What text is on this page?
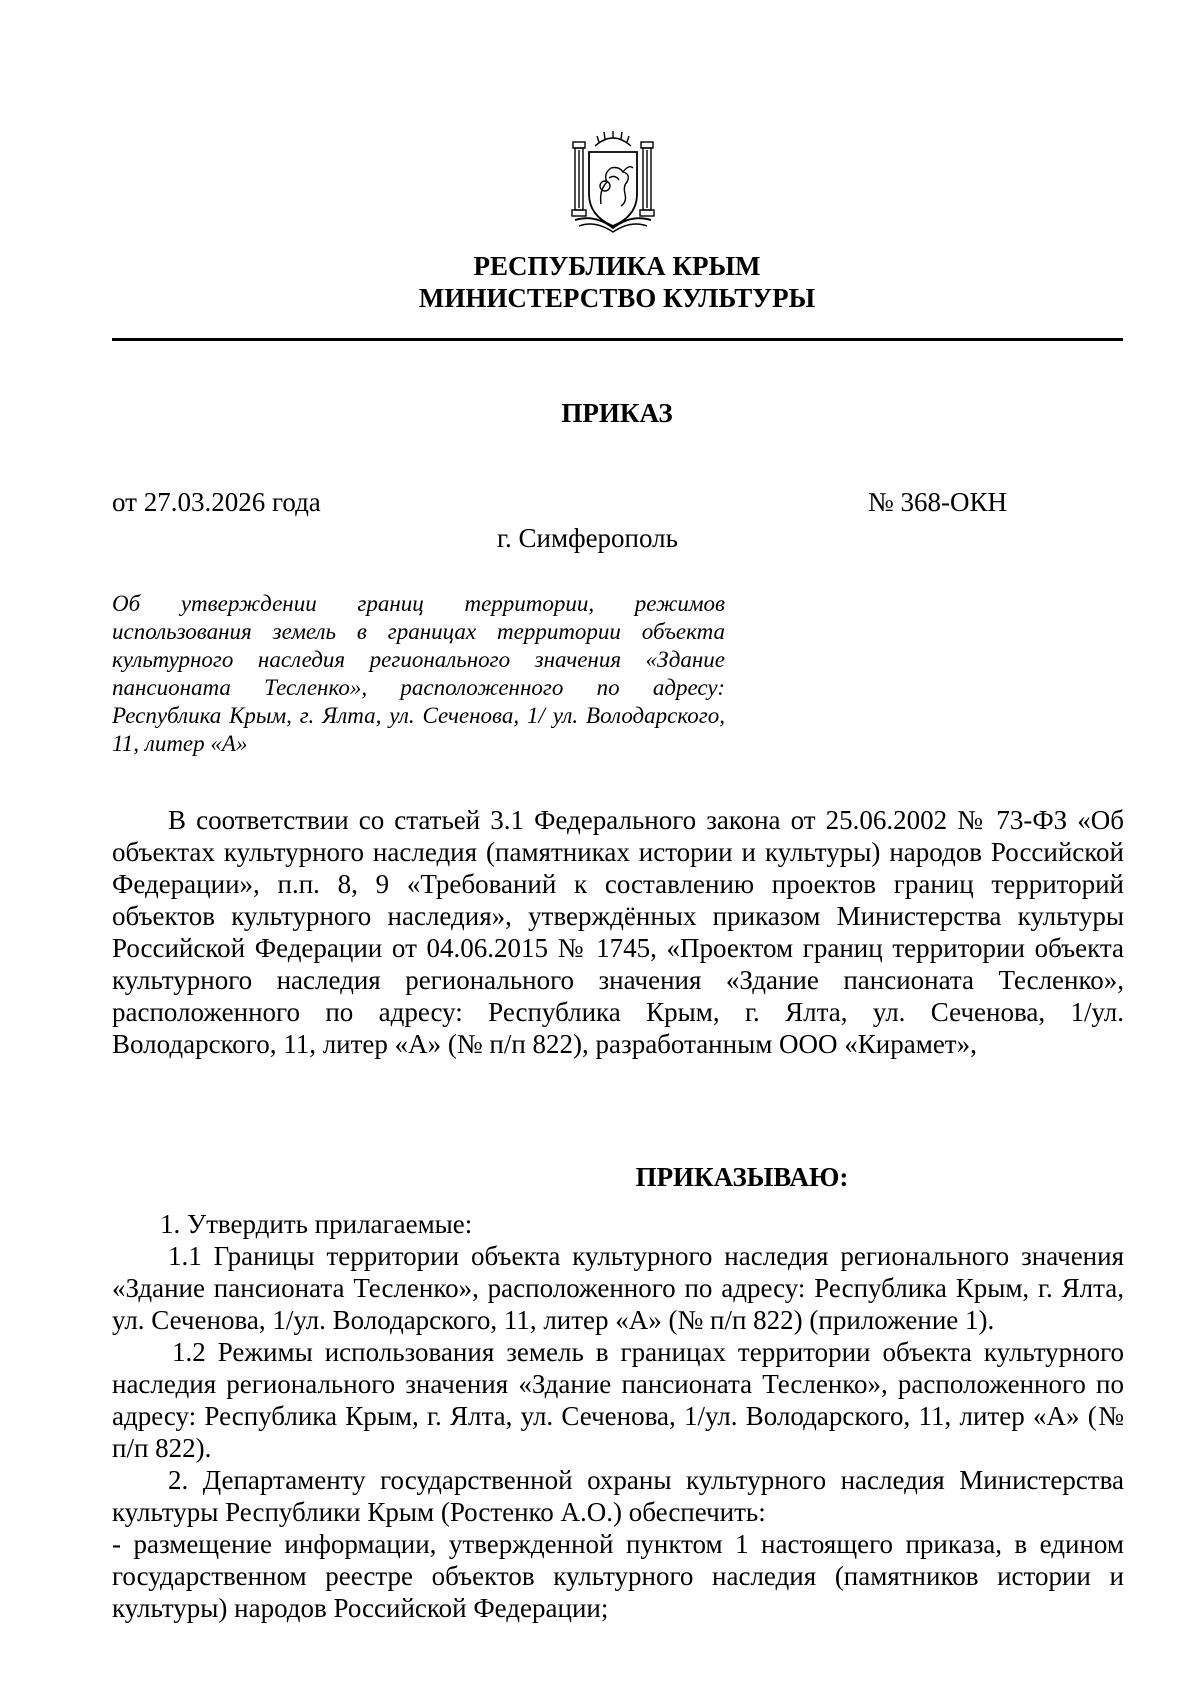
РЕСПУБЛИКА КРЫМ
МИНИСТЕРСТВО КУЛЬТУРЫ
ПРИКАЗ
от 27.03.2026 года	№ 368-ОКН
г. Симферополь
Об утверждении границ территории, режимов использования земель в границах территории объекта культурного наследия регионального значения «Здание пансионата Тесленко», расположенного по адресу: Республика Крым, г. Ялта, ул. Сеченова, 1/ ул. Володарского, 11, литер «А»

В соответствии со статьей 3.1 Федерального закона от 25.06.2002 № 73-ФЗ «Об объектах культурного наследия (памятниках истории и культуры) народов Российской Федерации», п.п. 8, 9 «Требований к составлению проектов границ территорий объектов культурного наследия», утверждённых приказом Министерства культуры Российской Федерации от 04.06.2015 № 1745, «Проектом границ территории объекта культурного наследия регионального значения «Здание пансионата Тесленко», расположенного по адресу: Республика Крым, г. Ялта, ул. Сеченова, 1/ул. Володарского, 11, литер «А» (№ п/п 822), разработанным ООО «Кирамет»,

ПРИКАЗЫВАЮ:

1. Утвердить прилагаемые:

1.1 Границы территории объекта культурного наследия регионального значения «Здание пансионата Тесленко», расположенного по адресу: Республика Крым, г. Ялта, ул. Сеченова, 1/ул. Володарского, 11, литер «А» (№ п/п 822) (приложение 1).

1.2 Режимы использования земель в границах территории объекта культурного наследия регионального значения «Здание пансионата Тесленко», расположенного по адресу: Республика Крым, г. Ялта, ул. Сеченова, 1/ул. Володарского, 11, литер «А» (№ п/п 822).

2. Департаменту государственной охраны культурного наследия Министерства культуры Республики Крым (Ростенко А.О.) обеспечить:

- размещение информации, утвержденной пунктом 1 настоящего приказа, в едином государственном реестре объектов культурного наследия (памятников истории и культуры) народов Российской Федерации;
